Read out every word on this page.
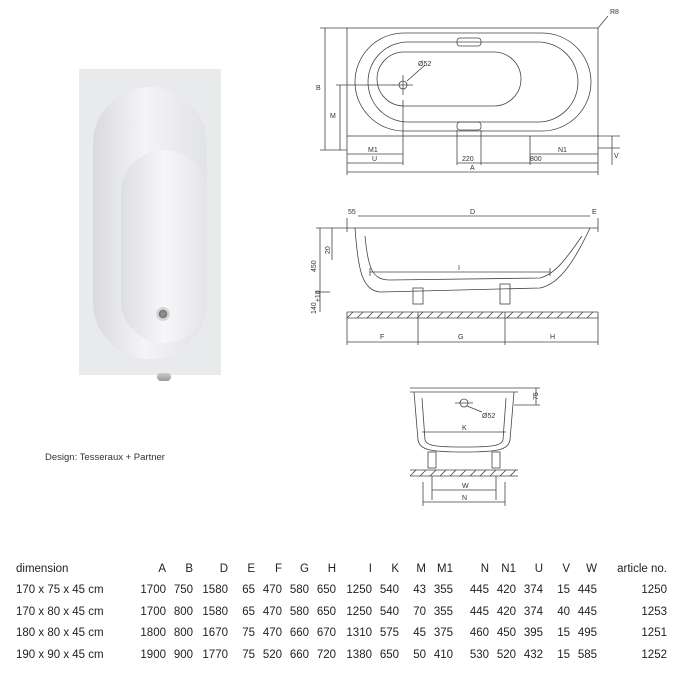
Design: Tesseraux + Partner
R8
Ø52
B
M
M1
U	220	800
N1
A
V
55	D	E
450
20
I
140
±10
F	G	H
75
Ø52
K
W
N
dimension	A	B	D	E	F	G	H	I	K	M	M1	N	N1	U	V	W	article no.
170 x 75 x 45 cm	1700	750	1580	65	470	580	650	1250	540	43	355	445	420	374	15	445	1250
170 x 80 x 45 cm	1700	800	1580	65	470	580	650	1250	540	70	355	445	420	374	40	445	1253
180 x 80 x 45 cm	1800	800	1670	75	470	660	670	1310	575	45	375	460	450	395	15	495	1251
190 x 90 x 45 cm	1900	900	1770	75	520	660	720	1380	650	50	410	530	520	432	15	585	1252
